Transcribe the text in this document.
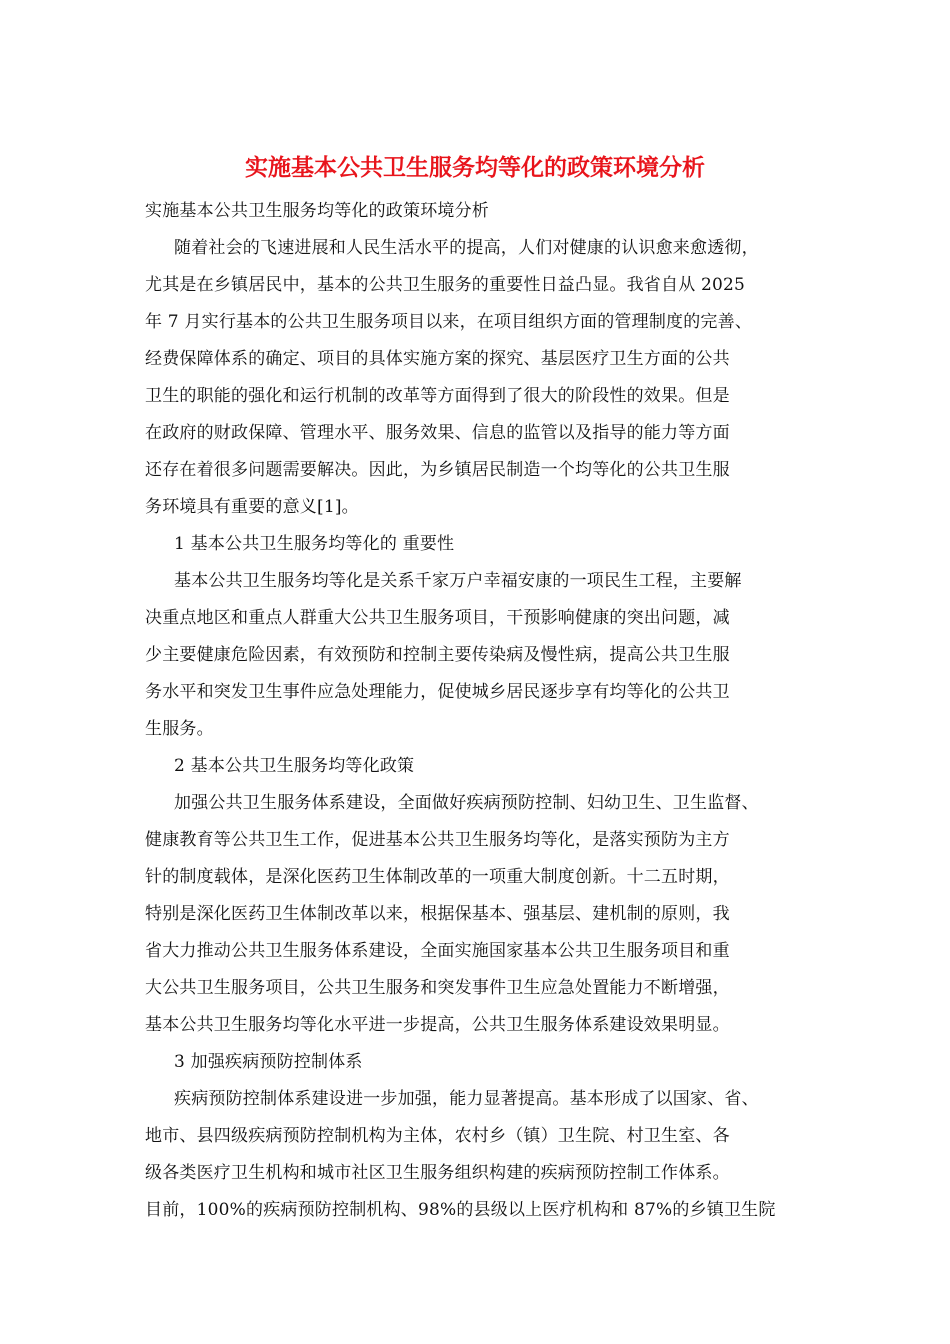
实施基本公共卫生服务均等化的政策环境分析
实施基本公共卫生服务均等化的政策环境分析
随着社会的飞速进展和人民生活水平的提高，人们对健康的认识愈来愈透彻，
尤其是在乡镇居民中，基本的公共卫生服务的重要性日益凸显。我省自从 2025
年 7 月实行基本的公共卫生服务项目以来，在项目组织方面的管理制度的完善、
经费保障体系的确定、项目的具体实施方案的探究、基层医疗卫生方面的公共
卫生的职能的强化和运行机制的改革等方面得到了很大的阶段性的效果。但是
在政府的财政保障、管理水平、服务效果、信息的监管以及指导的能力等方面
还存在着很多问题需要解决。因此，为乡镇居民制造一个均等化的公共卫生服
务环境具有重要的意义[1]。
1 基本公共卫生服务均等化的 重要性
基本公共卫生服务均等化是关系千家万户幸福安康的一项民生工程，主要解
决重点地区和重点人群重大公共卫生服务项目，干预影响健康的突出问题，减
少主要健康危险因素，有效预防和控制主要传染病及慢性病，提高公共卫生服
务水平和突发卫生事件应急处理能力，促使城乡居民逐步享有均等化的公共卫
生服务。
2 基本公共卫生服务均等化政策
加强公共卫生服务体系建设，全面做好疾病预防控制、妇幼卫生、卫生监督、
健康教育等公共卫生工作，促进基本公共卫生服务均等化，是落实预防为主方
针的制度载体，是深化医药卫生体制改革的一项重大制度创新。十二五时期，
特别是深化医药卫生体制改革以来，根据保基本、强基层、建机制的原则，我
省大力推动公共卫生服务体系建设，全面实施国家基本公共卫生服务项目和重
大公共卫生服务项目，公共卫生服务和突发事件卫生应急处置能力不断增强，
基本公共卫生服务均等化水平进一步提高，公共卫生服务体系建设效果明显。
3 加强疾病预防控制体系
疾病预防控制体系建设进一步加强，能力显著提高。基本形成了以国家、省、
地市、县四级疾病预防控制机构为主体，农村乡（镇）卫生院、村卫生室、各
级各类医疗卫生机构和城市社区卫生服务组织构建的疾病预防控制工作体系。
目前，100%的疾病预防控制机构、98%的县级以上医疗机构和 87%的乡镇卫生院
